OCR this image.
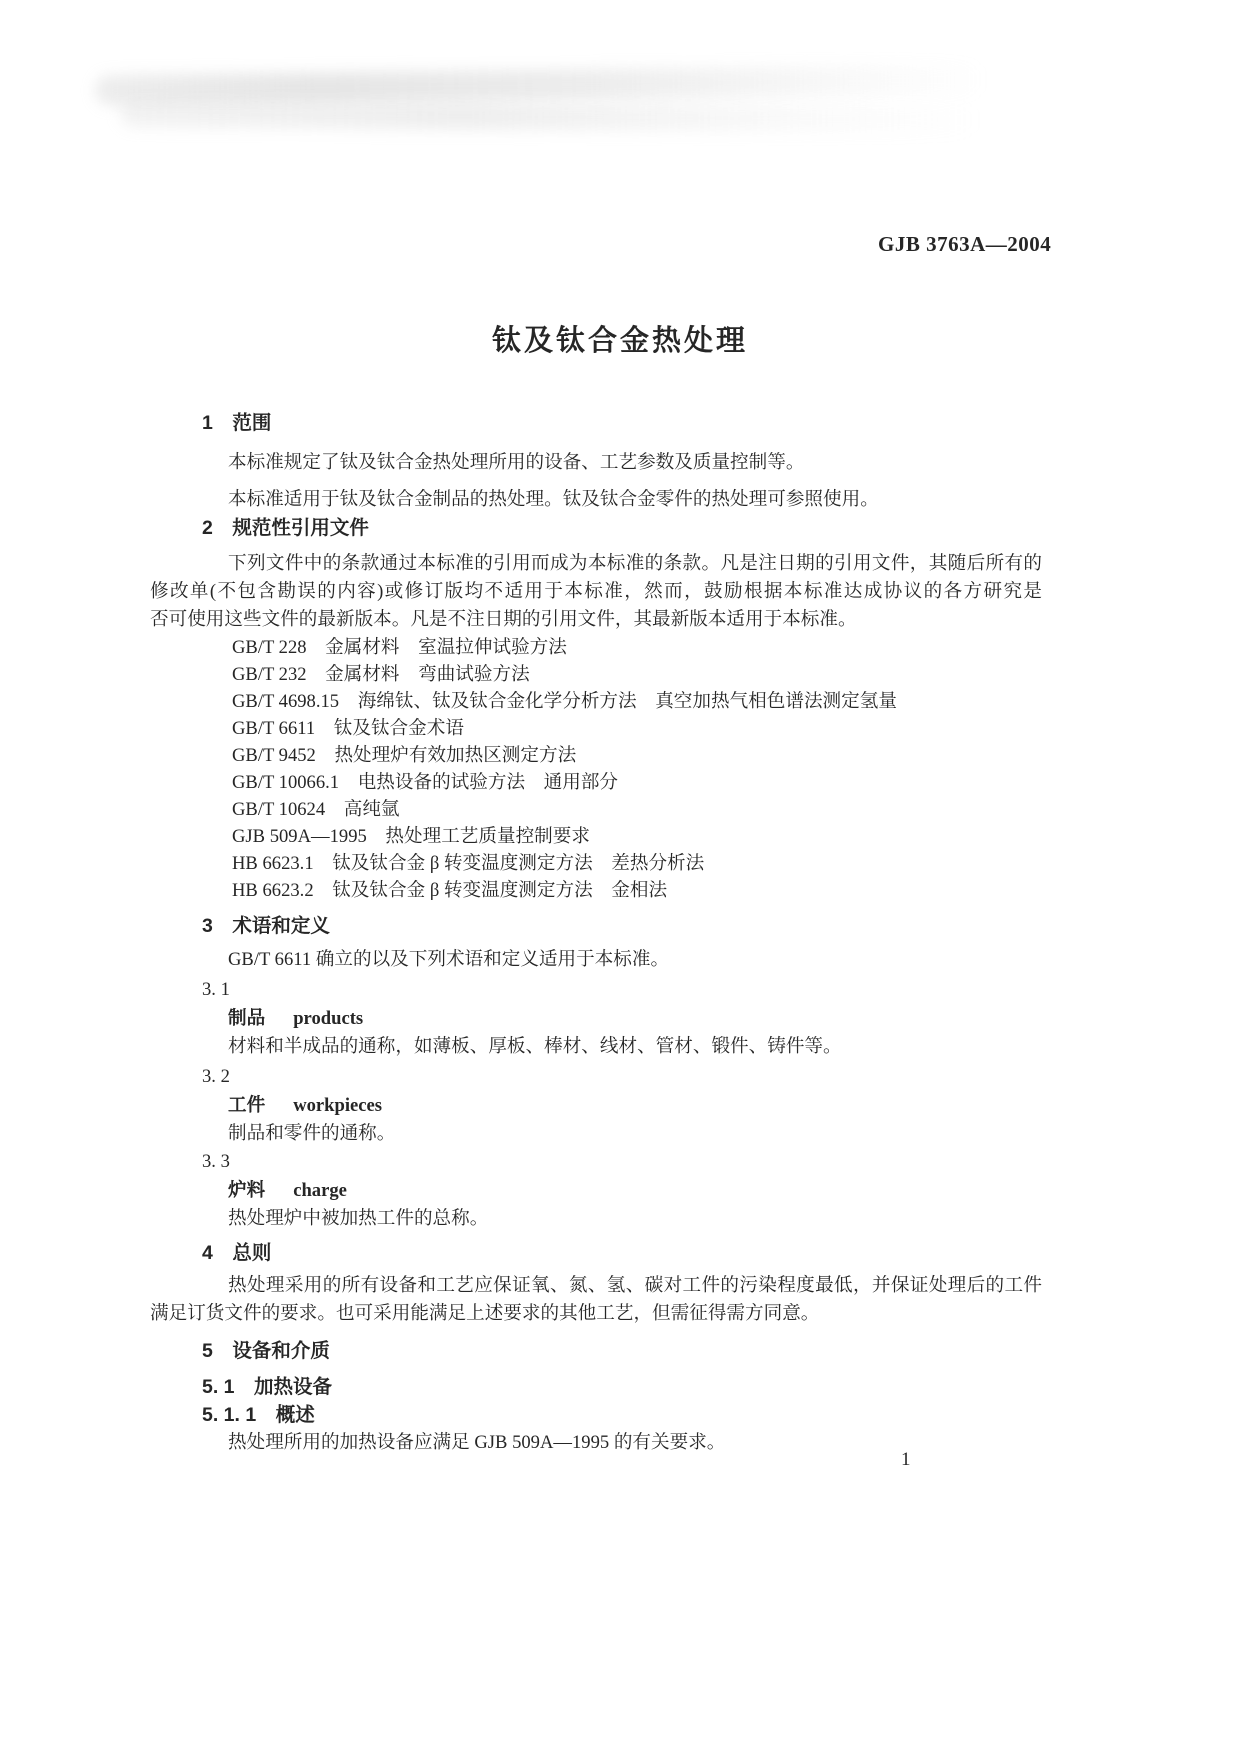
GJB 3763A—2004
钛及钛合金热处理
1　范围
本标准规定了钛及钛合金热处理所用的设备、工艺参数及质量控制等。
本标准适用于钛及钛合金制品的热处理。钛及钛合金零件的热处理可参照使用。
2　规范性引用文件
下列文件中的条款通过本标准的引用而成为本标准的条款。凡是注日期的引用文件，其随后所有的
修改单(不包含勘误的内容)或修订版均不适用于本标准，然而，鼓励根据本标准达成协议的各方研究是
否可使用这些文件的最新版本。凡是不注日期的引用文件，其最新版本适用于本标准。
GB/T 228　金属材料　室温拉伸试验方法
GB/T 232　金属材料　弯曲试验方法
GB/T 4698.15　海绵钛、钛及钛合金化学分析方法　真空加热气相色谱法测定氢量
GB/T 6611　钛及钛合金术语
GB/T 9452　热处理炉有效加热区测定方法
GB/T 10066.1　电热设备的试验方法　通用部分
GB/T 10624　高纯氩
GJB 509A—1995　热处理工艺质量控制要求
HB 6623.1　钛及钛合金 β 转变温度测定方法　差热分析法
HB 6623.2　钛及钛合金 β 转变温度测定方法　金相法
3　术语和定义
GB/T 6611 确立的以及下列术语和定义适用于本标准。
3. 1
制品 products
材料和半成品的通称，如薄板、厚板、棒材、线材、管材、锻件、铸件等。
3. 2
工件 workpieces
制品和零件的通称。
3. 3
炉料 charge
热处理炉中被加热工件的总称。
4　总则
热处理采用的所有设备和工艺应保证氧、氮、氢、碳对工件的污染程度最低，并保证处理后的工件
满足订货文件的要求。也可采用能满足上述要求的其他工艺，但需征得需方同意。
5　设备和介质
5. 1　加热设备
5. 1. 1　概述
热处理所用的加热设备应满足 GJB 509A—1995 的有关要求。
1
